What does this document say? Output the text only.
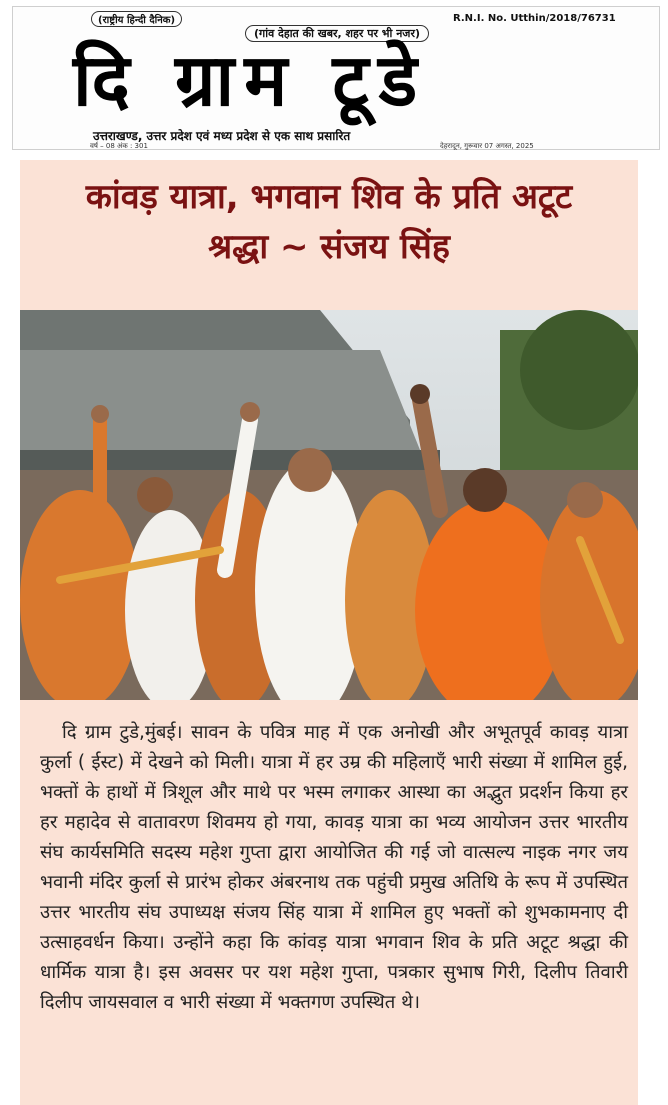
(राष्ट्रीय हिन्दी दैनिक)
(गांव देहात की खबर, शहर पर भी नजर)
R.N.I. No. Utthin/2018/76731
दि ग्राम टूडे
उत्तराखण्ड, उत्तर प्रदेश एवं मध्य प्रदेश से एक साथ प्रसारित
वर्ष – 08 अंक : 301	देहरादून, गुरूवार 07 अगस्त, 2025
कांवड़ यात्रा, भगवान शिव के प्रति अटूट
श्रद्धा ~ संजय सिंह
दि ग्राम टुडे,मुंबई। सावन के पवित्र माह में एक अनोखी और अभूतपूर्व कावड़ यात्रा कुर्ला ( ईस्ट) में देखने को मिली। यात्रा में हर उम्र की महिलाएँ भारी संख्या में शामिल हुई, भक्तों के हाथों में त्रिशूल और माथे पर भस्म लगाकर आस्था का अद्भुत प्रदर्शन किया हर हर महादेव से वातावरण शिवमय हो गया, कावड़ यात्रा का भव्य आयोजन उत्तर भारतीय संघ कार्यसमिति सदस्य महेश गुप्ता द्वारा आयोजित की गई जो वात्सल्य नाइक नगर जय भवानी मंदिर कुर्ला से प्रारंभ होकर अंबरनाथ तक पहुंची प्रमुख अतिथि के रूप में उपस्थित उत्तर भारतीय संघ उपाध्यक्ष संजय सिंह यात्रा में शामिल हुए भक्तों को शुभकामनाए दी उत्साहवर्धन किया। उन्होंने कहा कि कांवड़ यात्रा भगवान शिव के प्रति अटूट श्रद्धा की धार्मिक यात्रा है। इस अवसर पर यश महेश गुप्ता, पत्रकार सुभाष गिरी, दिलीप तिवारी दिलीप जायसवाल व भारी संख्या में भक्तगण उपस्थित थे।
